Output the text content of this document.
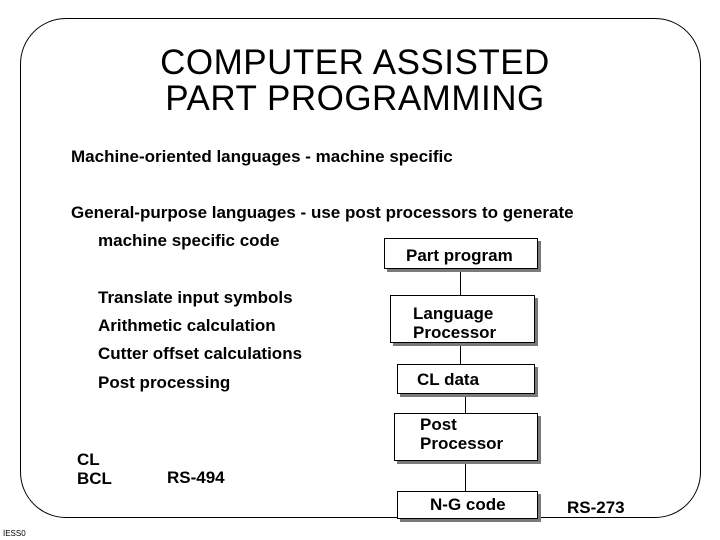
COMPUTER ASSISTED
PART PROGRAMMING
Machine-oriented languages - machine specific
General-purpose languages - use post processors to generate
machine specific code
Translate input symbols
Arithmetic calculation
Cutter offset calculations
Post processing
Part program
Language
Processor
CL data
Post
Processor
N-G code
CL
BCL	RS-494
RS-273
IESS0
